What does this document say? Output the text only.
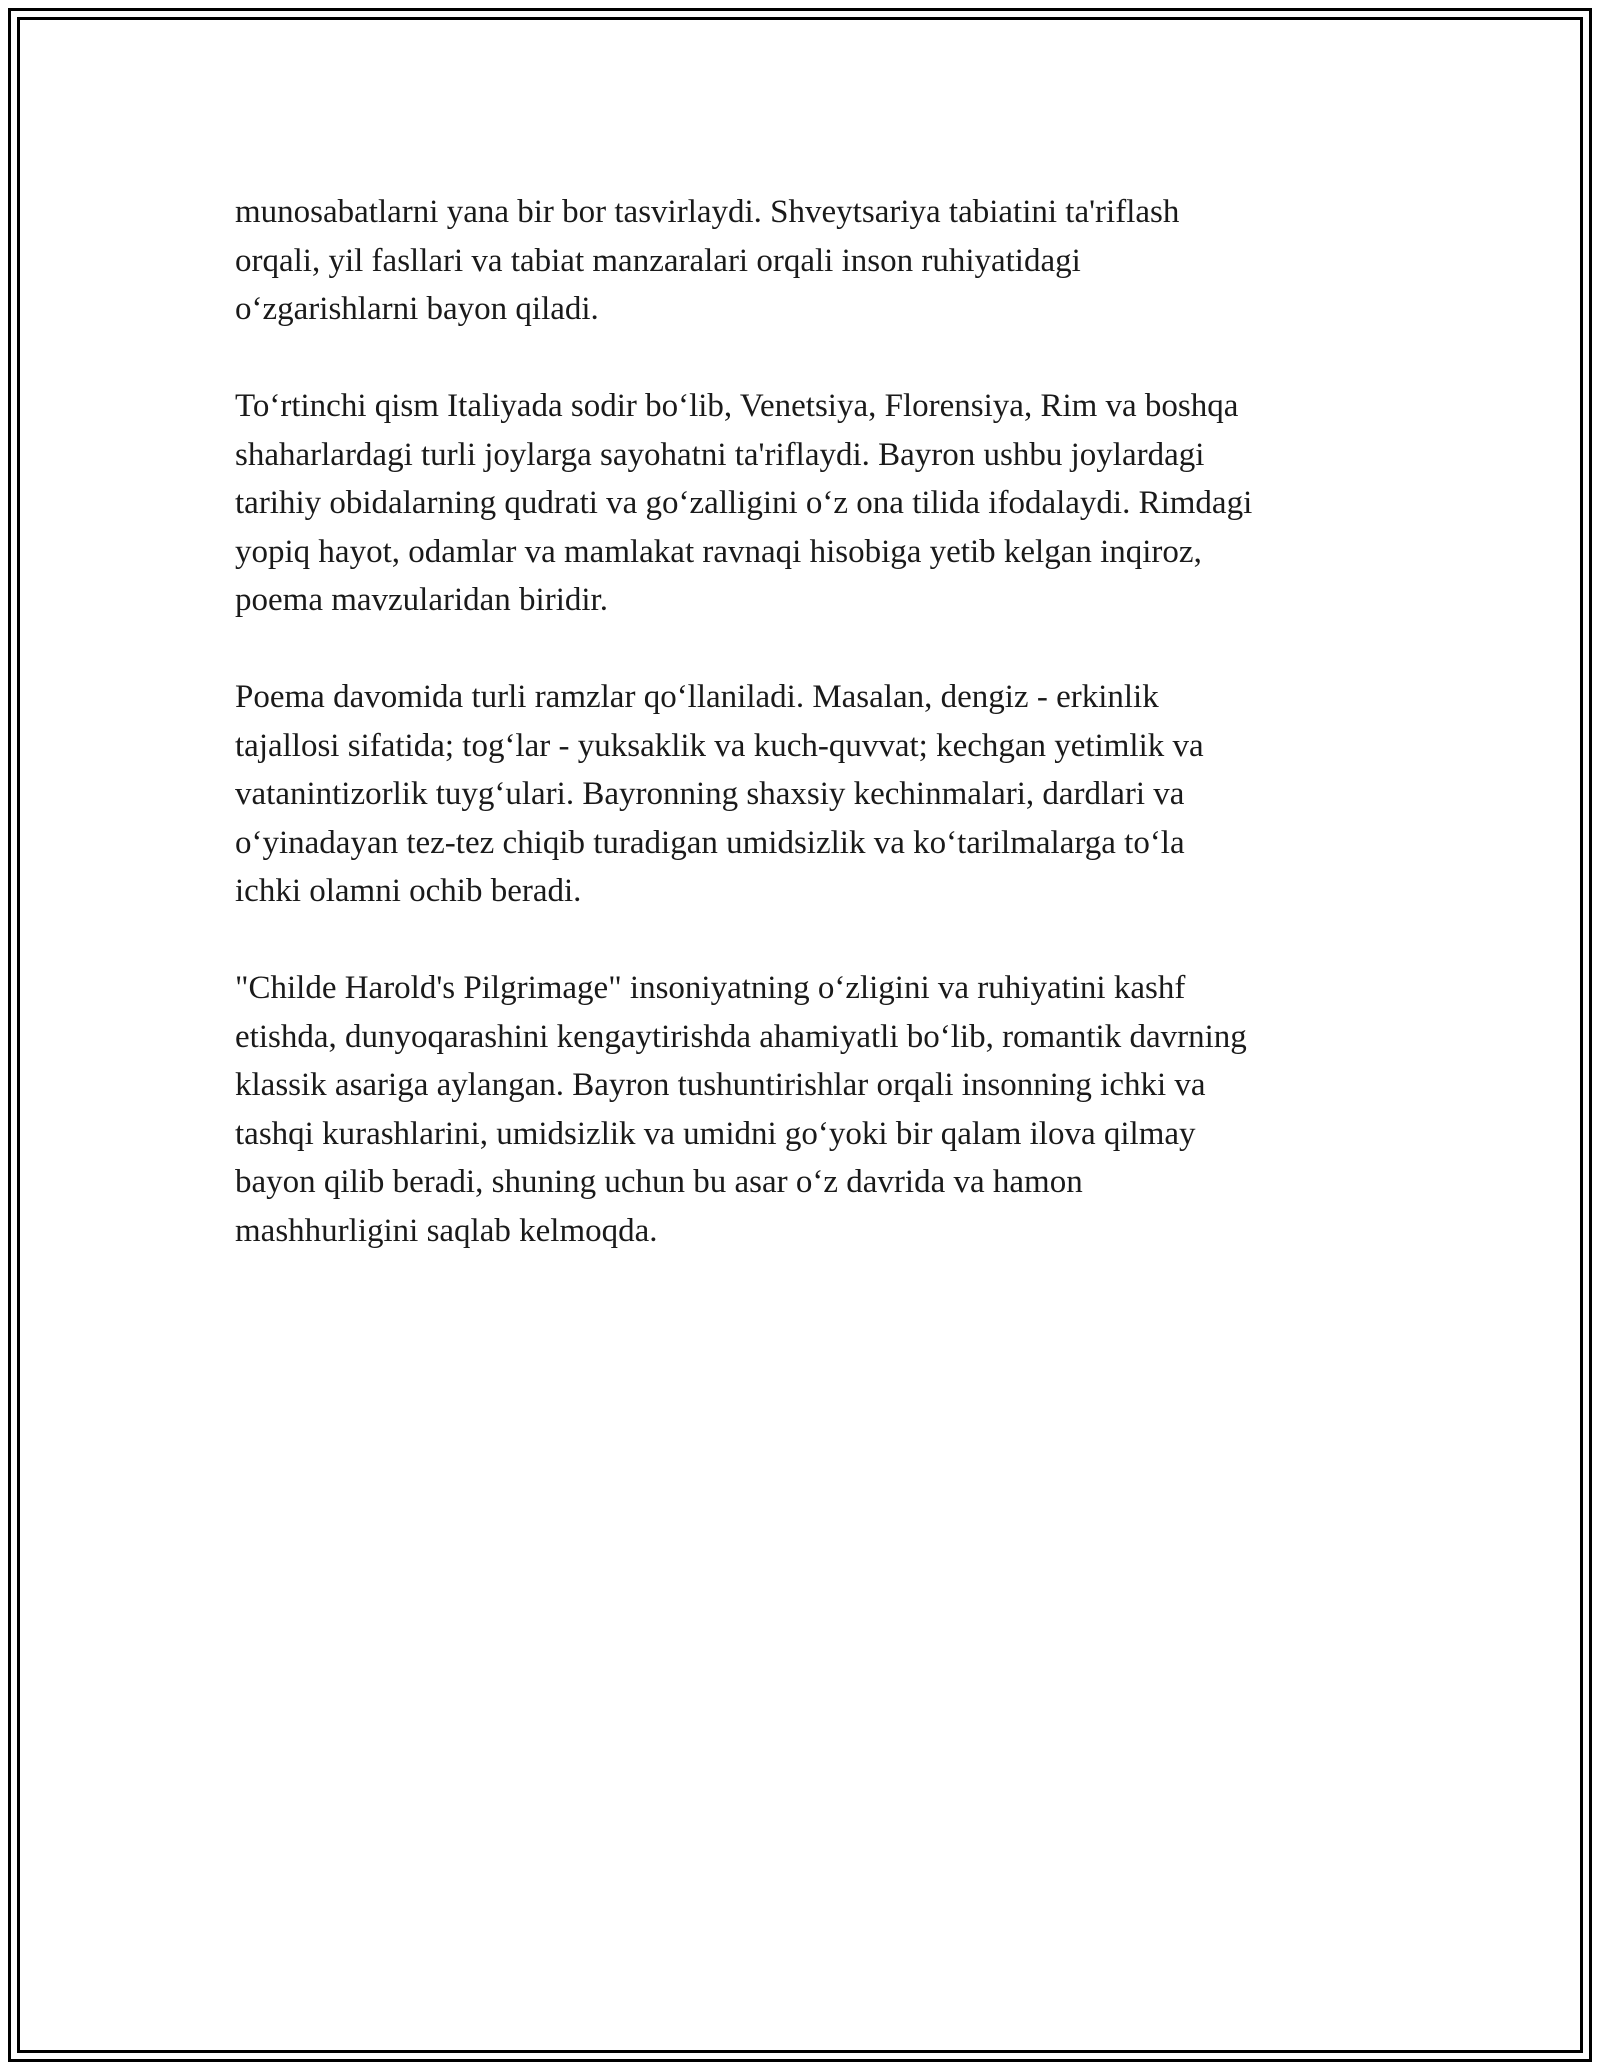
munosabatlarni yana bir bor tasvirlaydi. Shveytsariya tabiatini ta'riflash
orqali, yil fasllari va tabiat manzaralari orqali inson ruhiyatidagi
o‘zgarishlarni bayon qiladi.

To‘rtinchi qism Italiyada sodir bo‘lib, Venetsiya, Florensiya, Rim va boshqa
shaharlardagi turli joylarga sayohatni ta'riflaydi. Bayron ushbu joylardagi
tarihiy obidalarning qudrati va go‘zalligini o‘z ona tilida ifodalaydi. Rimdagi
yopiq hayot, odamlar va mamlakat ravnaqi hisobiga yetib kelgan inqiroz,
poema mavzularidan biridir.

Poema davomida turli ramzlar qo‘llaniladi. Masalan, dengiz - erkinlik
tajallosi sifatida; tog‘lar - yuksaklik va kuch-quvvat; kechgan yetimlik va
vatanintizorlik tuyg‘ulari. Bayronning shaxsiy kechinmalari, dardlari va
o‘yinadayan tez-tez chiqib turadigan umidsizlik va ko‘tarilmalarga to‘la
ichki olamni ochib beradi.

"Childe Harold's Pilgrimage" insoniyatning o‘zligini va ruhiyatini kashf
etishda, dunyoqarashini kengaytirishda ahamiyatli bo‘lib, romantik davrning
klassik asariga aylangan. Bayron tushuntirishlar orqali insonning ichki va
tashqi kurashlarini, umidsizlik va umidni go‘yoki bir qalam ilova qilmay
bayon qilib beradi, shuning uchun bu asar o‘z davrida va hamon
mashhurligini saqlab kelmoqda.
